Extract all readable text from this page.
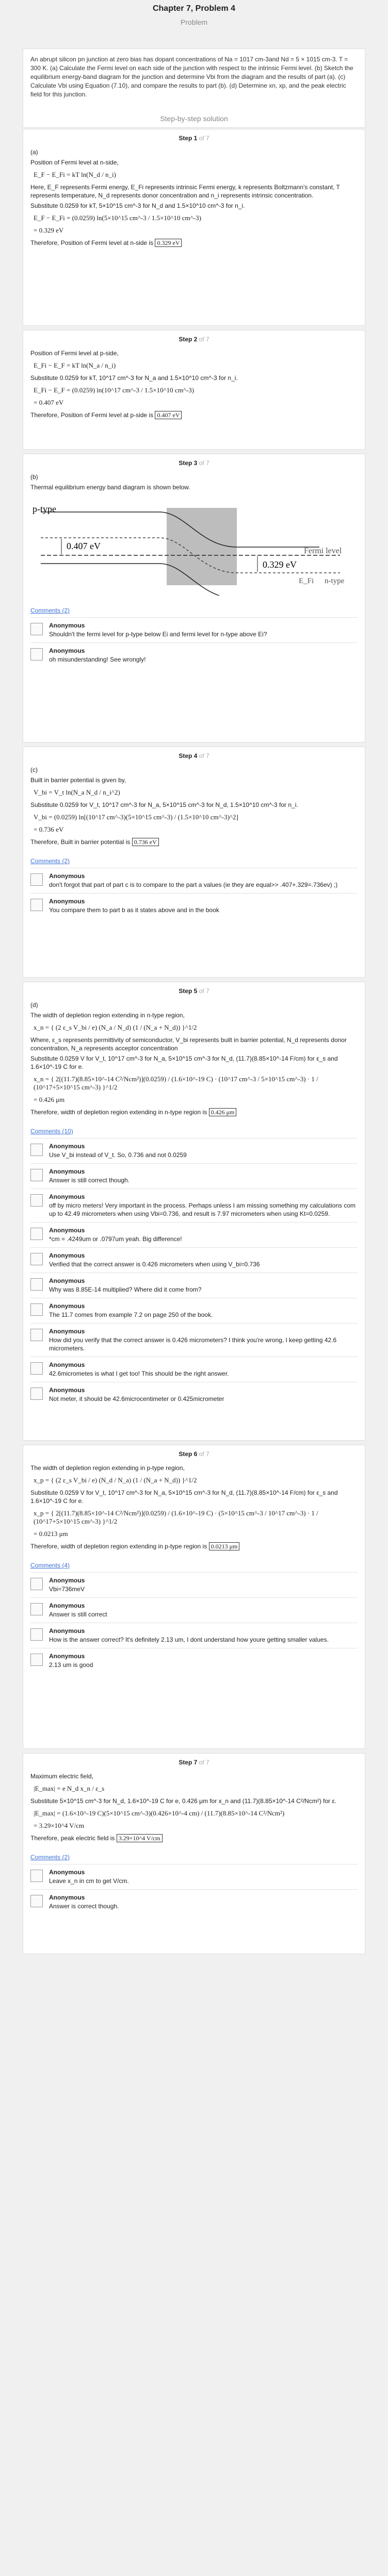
Chapter 7, Problem 4
Problem
An abrupt silicon pn junction at zero bias has dopant concentrations of Na = 1017 cm-3and Nd = 5 × 1015 cm-3. T = 300 K. (a) Calculate the Fermi level on each side of the junction with respect to the intrinsic Fermi level. (b) Sketch the equilibrium energy-band diagram for the junction and determine Vbi from the diagram and the results of part (a). (c) Calculate Vbi using Equation (7.10), and compare the results to part (b). (d) Determine xn, xp, and the peak electric field for this junction.
Step-by-step solution
Step 1 of 7

(a)

Position of Fermi level at n-side,

E_F − E_Fi = kT ln(N_d / n_i)

Here, E_F represents Fermi energy, E_Fi represents intrinsic Fermi energy, k represents Boltzmann's constant, T represents temperature, N_d represents donor concentration and n_i represents intrinsic concentration.

Substitute 0.0259 for kT, 5×10^15 cm^-3 for N_d and 1.5×10^10 cm^-3 for n_i.

E_F − E_Fi = (0.0259) ln(5×10^15 cm^-3 / 1.5×10^10 cm^-3)
= 0.329 eV

Therefore, Position of Fermi level at n-side is 0.329 eV

Step 2 of 7

Position of Fermi level at p-side,

E_Fi − E_F = kT ln(N_a / n_i)

Substitute 0.0259 for kT, 10^17 cm^-3 for N_a and 1.5×10^10 cm^-3 for n_i.

E_Fi − E_F = (0.0259) ln(10^17 cm^-3 / 1.5×10^10 cm^-3)
= 0.407 eV

Therefore, Position of Fermi level at p-side is 0.407 eV

Step 3 of 7

(b)

Thermal equilibrium energy band diagram is shown below.

p-type
0.407 eV
0.329 eV
Fermi level
E_Fi n-type
Comments (2)
Anonymous
Shouldn't the fermi level for p-type below Ei and fermi level for n-type above Ei?
Anonymous
oh misunderstanding! See wrongly!
Step 4 of 7

(c)

Built in barrier potential is given by,

V_bi = V_t ln(N_a N_d / n_i^2)

Substitute 0.0259 for V_t, 10^17 cm^-3 for N_a, 5×10^15 cm^-3 for N_d, 1.5×10^10 cm^-3 for n_i.

V_bi = (0.0259) ln[(10^17 cm^-3)(5×10^15 cm^-3) / (1.5×10^10 cm^-3)^2]
= 0.736 eV

Therefore, Built in barrier potential is 0.736 eV

Comments (2)
Anonymous
don't forgot that part of part c is to compare to the part a values (ie they are equal>> .407+.329=.736ev) ;)
Anonymous
You compare them to part b as it states above and in the book
Step 5 of 7

(d)

The width of depletion region extending in n-type region,

x_n = { (2 ε_s V_bi / e) (N_a / N_d) (1 / (N_a + N_d)) }^1/2

Where, ε_s represents permittivity of semiconductor, V_bi represents built in barrier potential, N_d represents donor concentration, N_a represents acceptor concentration

Substitute 0.0259 V for V_t, 10^17 cm^-3 for N_a, 5×10^15 cm^-3 for N_d, (11.7)(8.85×10^-14 F/cm) for ε_s and 1.6×10^-19 C for e.

x_n = { 2[(11.7)(8.85×10^-14 C²/Ncm²)](0.0259) / (1.6×10^-19 C) · (10^17 cm^-3 / 5×10^15 cm^-3) · 1 / (10^17+5×10^15 cm^-3) }^1/2
= 0.426 μm

Therefore, width of depletion region extending in n-type region is 0.426 μm

Comments (10)
Anonymous
Use V_bi instead of V_t. So, 0.736 and not 0.0259
Anonymous
Answer is still correct though.
Anonymous
off by micro meters! Very important in the process. Perhaps unless I am missing something my calculations com up to 42.49 micrometers when using Vbi=0.736, and result is 7.97 micrometers when using Kt=0.0259.
Anonymous
*cm = .4249um or .0797um yeah. Big difference!
Anonymous
Verified that the correct answer is 0.426 micrometers when using V_bi=0.736
Anonymous
Why was 8.85E-14 multiplied? Where did it come from?
Anonymous
The 11.7 comes from example 7.2 on page 250 of the book.
Anonymous
How did you verify that the correct answer is 0.426 micrometers? I think you're wrong, I keep getting 42.6 micrometers.
Anonymous
42.6micrometes is what I get too! This should be the right answer.
Anonymous
Not meter, it should be 42.6microcentimeter or 0.425micrometer
Step 6 of 7

The width of depletion region extending in p-type region,

x_p = { (2 ε_s V_bi / e) (N_d / N_a) (1 / (N_a + N_d)) }^1/2

Substitute 0.0259 V for V_t, 10^17 cm^-3 for N_a, 5×10^15 cm^-3 for N_d, (11.7)(8.85×10^-14 F/cm) for ε_s and 1.6×10^-19 C for e.

x_p = { 2[(11.7)(8.85×10^-14 C²/Ncm²)](0.0259) / (1.6×10^-19 C) · (5×10^15 cm^-3 / 10^17 cm^-3) · 1 / (10^17+5×10^15 cm^-3) }^1/2
= 0.0213 μm

Therefore, width of depletion region extending in p-type region is 0.0213 μm

Comments (4)
Anonymous
Vbi=736meV
Anonymous
Answer is still correct
Anonymous
How is the answer correct? It's definitely 2.13 um, I dont understand how youre getting smaller values.
Anonymous
2.13 um is good
Step 7 of 7

Maximum electric field,

|E_max| = e N_d x_n / ε_s

Substitute 5×10^15 cm^-3 for N_d, 1.6×10^-19 C for e, 0.426 μm for x_n and (11.7)(8.85×10^-14 C²/Ncm²) for ε.

|E_max| = (1.6×10^-19 C)(5×10^15 cm^-3)(0.426×10^-4 cm) / (11.7)(8.85×10^-14 C²/Ncm²)
= 3.29×10^4 V/cm

Therefore, peak electric field is 3.29×10^4 V/cm

Comments (2)
Anonymous
Leave x_n in cm to get V/cm.
Anonymous
Answer is correct though.
